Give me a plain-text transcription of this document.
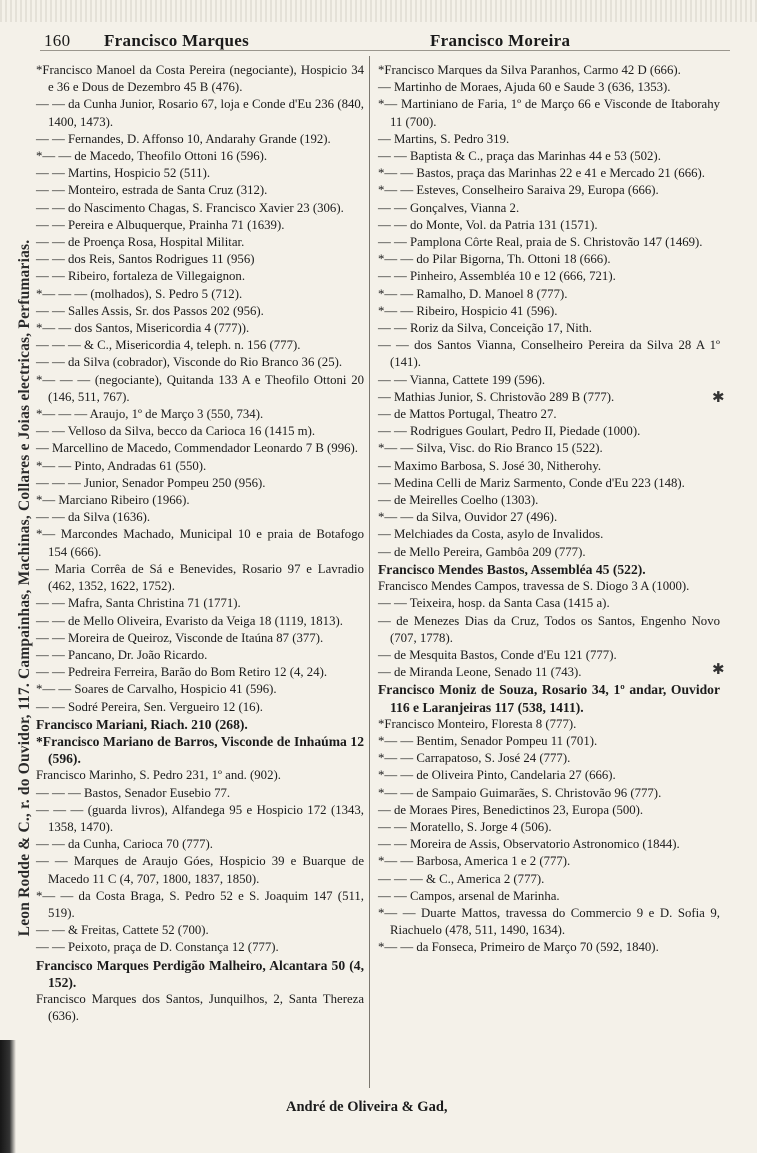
160 Francisco Marques	Francisco Moreira
Leon Rodde & C., r. do Ouvidor, 117. Campainhas, Machinas, Collares e Joias electricas, Perfumarias.
*Francisco Manoel da Costa Pereira (negociante), Hospicio 34 e 36 e Dous de Dezembro 45 B (476).
— — da Cunha Junior, Rosario 67, loja e Conde d'Eu 236 (840, 1400, 1473).
— — Fernandes, D. Affonso 10, Andarahy Grande (192).
*— — de Macedo, Theofilo Ottoni 16 (596).
— — Martins, Hospicio 52 (511).
— — Monteiro, estrada de Santa Cruz (312).
— — do Nascimento Chagas, S. Francisco Xavier 23 (306).
— — Pereira e Albuquerque, Prainha 71 (1639).
— — de Proença Rosa, Hospital Militar.
— — dos Reis, Santos Rodrigues 11 (956)
— — Ribeiro, fortaleza de Villegaignon.
*— — — (molhados), S. Pedro 5 (712).
— — Salles Assis, Sr. dos Passos 202 (956).
*— — dos Santos, Misericordia 4 (777)).
— — — & C., Misericordia 4, teleph. n. 156 (777).
— — da Silva (cobrador), Visconde do Rio Branco 36 (25).
*— — — (negociante), Quitanda 133 A e Theofilo Ottoni 20 (146, 511, 767).
*— — — Araujo, 1º de Março 3 (550, 734).
— — Velloso da Silva, becco da Carioca 16 (1415 m).
— Marcellino de Macedo, Commendador Leonardo 7 B (996).
*— — Pinto, Andradas 61 (550).
— — — Junior, Senador Pompeu 250 (956).
*— Marciano Ribeiro (1966).
— — da Silva (1636).
*— Marcondes Machado, Municipal 10 e praia de Botafogo 154 (666).
— Maria Corrêa de Sá e Benevides, Rosario 97 e Lavradio (462, 1352, 1622, 1752).
— — Mafra, Santa Christina 71 (1771).
— — de Mello Oliveira, Evaristo da Veiga 18 (1119, 1813).
— — Moreira de Queiroz, Visconde de Itaúna 87 (377).
— — Pancano, Dr. João Ricardo.
— — Pedreira Ferreira, Barão do Bom Retiro 12 (4, 24).
*— — Soares de Carvalho, Hospicio 41 (596).
— — Sodré Pereira, Sen. Vergueiro 12 (16).
Francisco Mariani, Riach. 210 (268).
*Francisco Mariano de Barros, Visconde de Inhaúma 12 (596).
Francisco Marinho, S. Pedro 231, 1º and. (902).
— — — Bastos, Senador Eusebio 77.
— — — (guarda livros), Alfandega 95 e Hospicio 172 (1343, 1358, 1470).
— — da Cunha, Carioca 70 (777).
— — Marques de Araujo Góes, Hospicio 39 e Buarque de Macedo 11 C (4, 707, 1800, 1837, 1850).
*— — da Costa Braga, S. Pedro 52 e S. Joaquim 147 (511, 519).
— — & Freitas, Cattete 52 (700).
— — Peixoto, praça de D. Constança 12 (777).
Francisco Marques Perdigão Malheiro, Alcantara 50 (4, 152).
Francisco Marques dos Santos, Junquilhos, 2, Santa Thereza (636).
*Francisco Marques da Silva Paranhos, Carmo 42 D (666).
— Martinho de Moraes, Ajuda 60 e Saude 3 (636, 1353).
*— Martiniano de Faria, 1º de Março 66 e Visconde de Itaborahy 11 (700).
— Martins, S. Pedro 319.
— — Baptista & C., praça das Marinhas 44 e 53 (502).
*— — Bastos, praça das Marinhas 22 e 41 e Mercado 21 (666).
*— — Esteves, Conselheiro Saraiva 29, Europa (666).
— — Gonçalves, Vianna 2.
— — do Monte, Vol. da Patria 131 (1571).
— — Pamplona Côrte Real, praia de S. Christovão 147 (1469).
*— — do Pilar Bigorna, Th. Ottoni 18 (666).
— — Pinheiro, Assembléa 10 e 12 (666, 721).
*— — Ramalho, D. Manoel 8 (777).
*— — Ribeiro, Hospicio 41 (596).
— — Roriz da Silva, Conceição 17, Nith.
— — dos Santos Vianna, Conselheiro Pereira da Silva 28 A 1º (141).
— — Vianna, Cattete 199 (596).
— Mathias Junior, S. Christovão 289 B (777).
— de Mattos Portugal, Theatro 27.
— — Rodrigues Goulart, Pedro II, Piedade (1000).
*— — Silva, Visc. do Rio Branco 15 (522).
— Maximo Barbosa, S. José 30, Nitherohy.
— Medina Celli de Mariz Sarmento, Conde d'Eu 223 (148).
— de Meirelles Coelho (1303).
*— — da Silva, Ouvidor 27 (496).
— Melchiades da Costa, asylo de Invalidos.
— de Mello Pereira, Gambôa 209 (777).
Francisco Mendes Bastos, Assembléa 45 (522).
Francisco Mendes Campos, travessa de S. Diogo 3 A (1000).
— — Teixeira, hosp. da Santa Casa (1415 a).
— de Menezes Dias da Cruz, Todos os Santos, Engenho Novo (707, 1778).
— de Mesquita Bastos, Conde d'Eu 121 (777).
— de Miranda Leone, Senado 11 (743).
Francisco Moniz de Souza, Rosario 34, 1º andar, Ouvidor 116 e Laranjeiras 117 (538, 1411).
*Francisco Monteiro, Floresta 8 (777).
*— — Bentim, Senador Pompeu 11 (701).
*— — Carrapatoso, S. José 24 (777).
*— — de Oliveira Pinto, Candelaria 27 (666).
*— — de Sampaio Guimarães, S. Christovão 96 (777).
— de Moraes Pires, Benedictinos 23, Europa (500).
— — Moratello, S. Jorge 4 (506).
— — Moreira de Assis, Observatorio Astronomico (1844).
*— — Barbosa, America 1 e 2 (777).
— — — & C., America 2 (777).
— — Campos, arsenal de Marinha.
*— — Duarte Mattos, travessa do Commercio 9 e D. Sofia 9, Riachuelo (478, 511, 1490, 1634).
*— — da Fonseca, Primeiro de Março 70 (592, 1840).
✱
✱
André de Oliveira & Gad,
